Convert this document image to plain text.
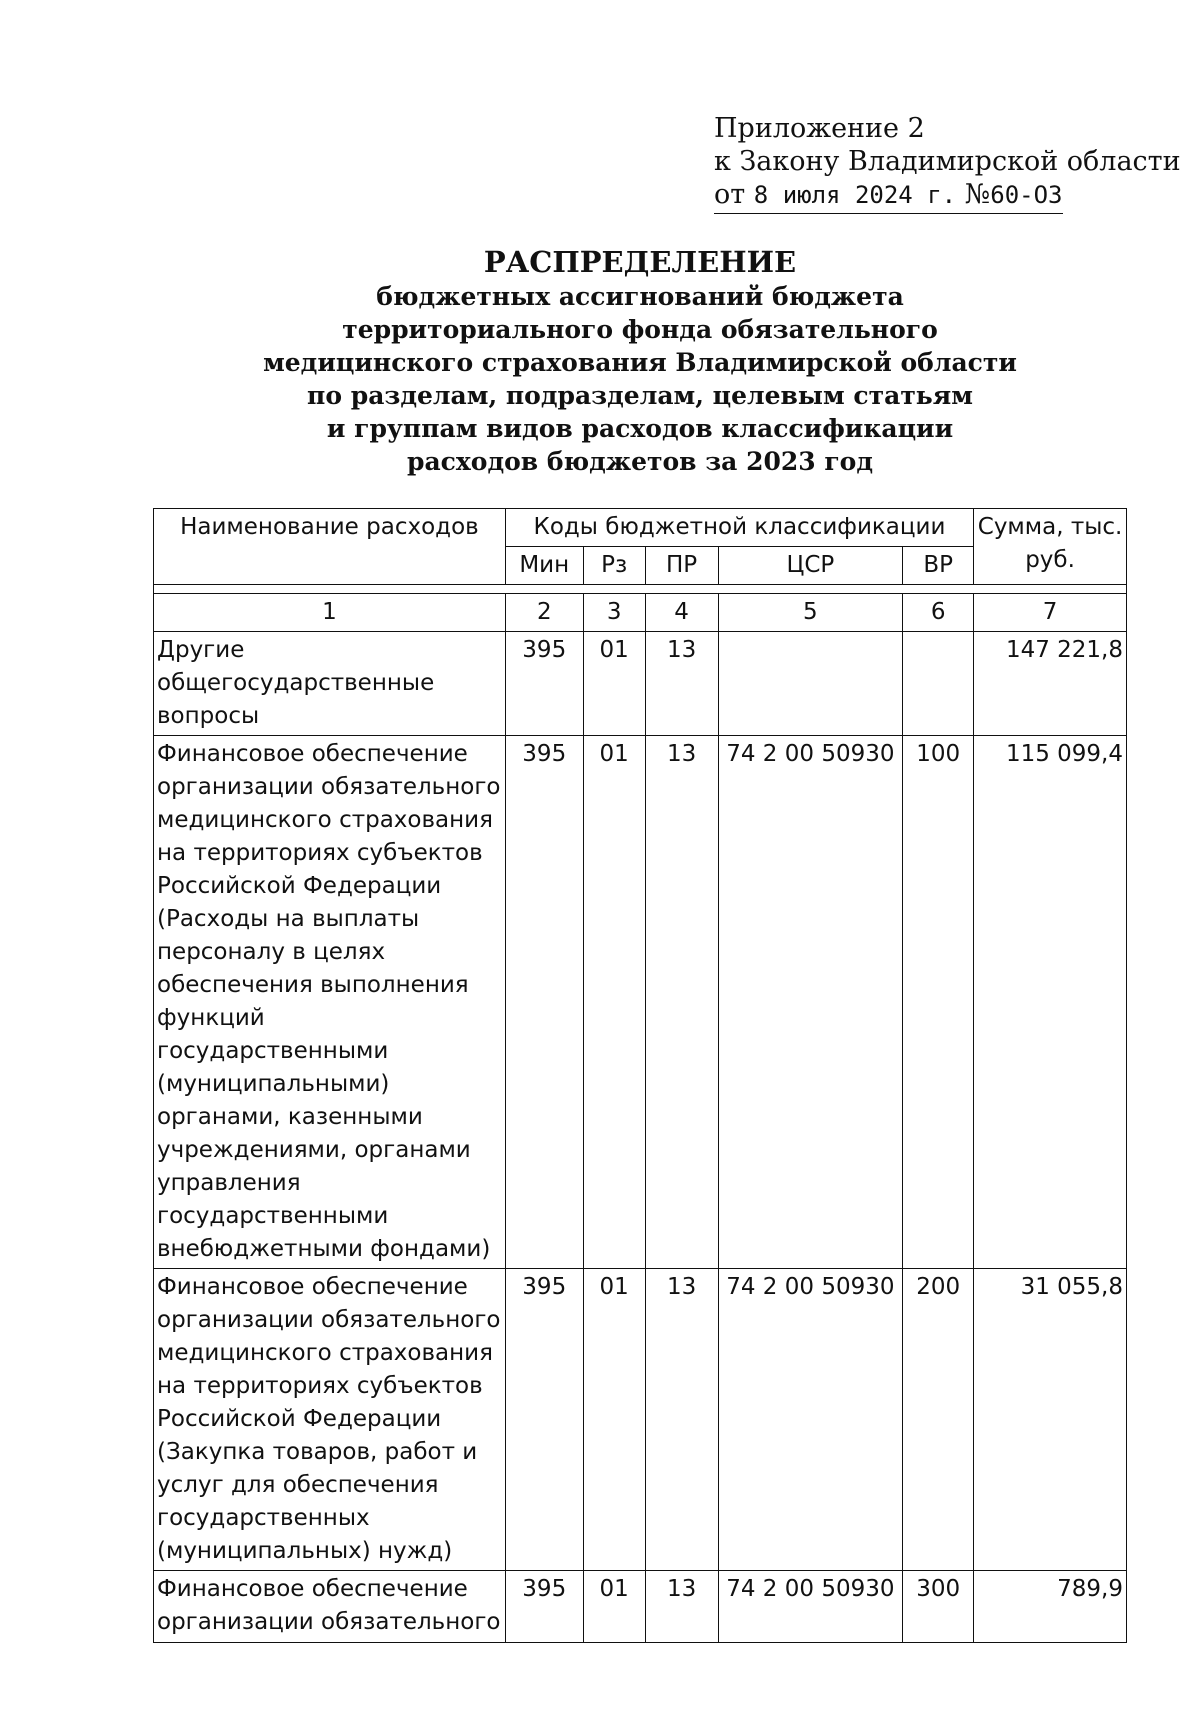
Приложение 2
к Закону Владимирской области
от 8 июля 2024 г. №60-ОЗ
РАСПРЕДЕЛЕНИЕ
бюджетных ассигнований бюджета
территориального фонда обязательного
медицинского страхования Владимирской области
по разделам, подразделам, целевым статьям
и группам видов расходов классификации
расходов бюджетов за 2023 год
Наименование расходов	Коды бюджетной классификации					Сумма, тыс. руб.
	Мин	Рз	ПР	ЦСР	ВР	

1	2	3	4	5	6	7
Другие общегосударственные вопросы	395	01	13			147 221,8
Финансовое обеспечение организации обязательного медицинского страхования на территориях субъектов Российской Федерации (Расходы на выплаты персоналу в целях обеспечения выполнения функций государственными (муниципальными) органами, казенными учреждениями, органами управления государственными внебюджетными фондами)	395	01	13	74 2 00 50930	100	115 099,4
Финансовое обеспечение организации обязательного медицинского страхования на территориях субъектов Российской Федерации (Закупка товаров, работ и услуг для обеспечения государственных (муниципальных) нужд)	395	01	13	74 2 00 50930	200	31 055,8

Финансовое обеспечение организации обязательного	395	01	13	74 2 00 50930	300	789,9
